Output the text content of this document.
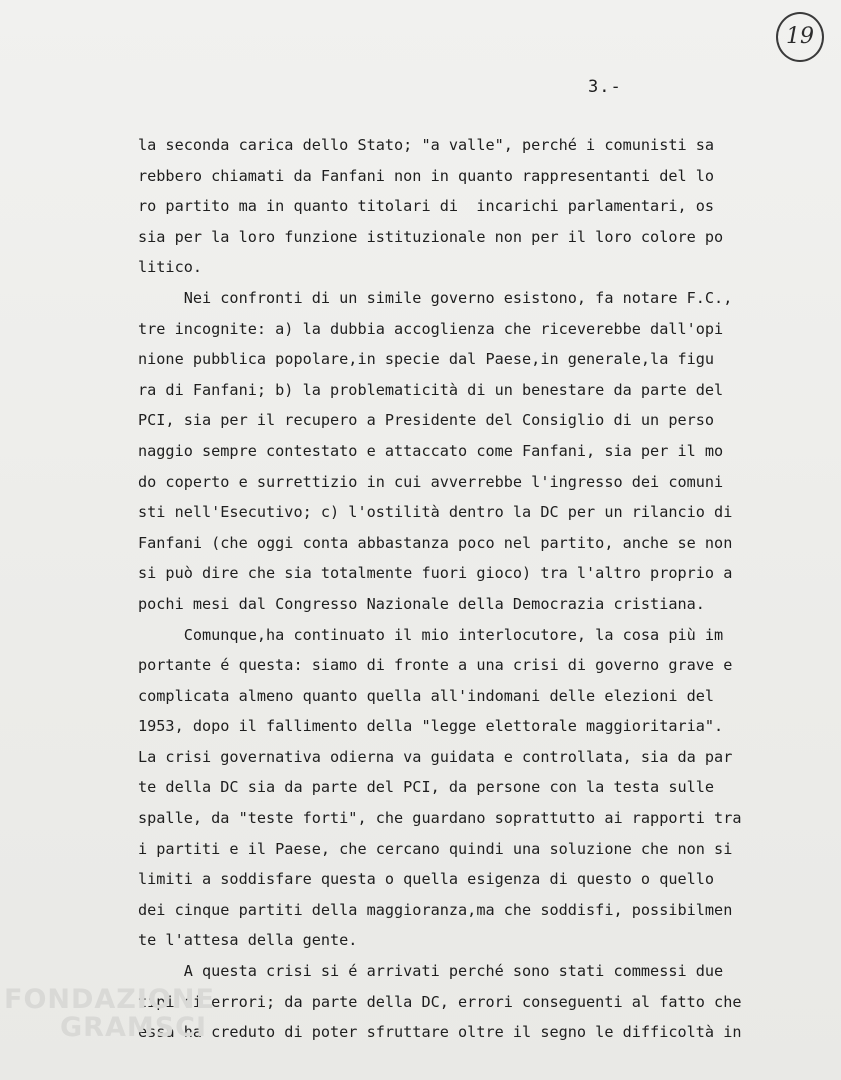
19
3.-
la seconda carica dello Stato; "a valle", perché i comunisti sa
rebbero chiamati da Fanfani non in quanto rappresentanti del lo
ro partito ma in quanto titolari di  incarichi parlamentari, os
sia per la loro funzione istituzionale non per il loro colore po
litico.
Nei confronti di un simile governo esistono, fa notare F.C.,
tre incognite: a) la dubbia accoglienza che riceverebbe dall'opi
nione pubblica popolare,in specie dal Paese,in generale,la figu
ra di Fanfani; b) la problematicità di un benestare da parte del
PCI, sia per il recupero a Presidente del Consiglio di un perso
naggio sempre contestato e attaccato come Fanfani, sia per il mo
do coperto e surrettizio in cui avverrebbe l'ingresso dei comuni
sti nell'Esecutivo; c) l'ostilità dentro la DC per un rilancio di
Fanfani (che oggi conta abbastanza poco nel partito, anche se non
si può dire che sia totalmente fuori gioco) tra l'altro proprio a
pochi mesi dal Congresso Nazionale della Democrazia cristiana.
Comunque,ha continuato il mio interlocutore, la cosa più im
portante é questa: siamo di fronte a una crisi di governo grave e
complicata almeno quanto quella all'indomani delle elezioni del
1953, dopo il fallimento della "legge elettorale maggioritaria".
La crisi governativa odierna va guidata e controllata, sia da par
te della DC sia da parte del PCI, da persone con la testa sulle
spalle, da "teste forti", che guardano soprattutto ai rapporti tra
i partiti e il Paese, che cercano quindi una soluzione che non si
limiti a soddisfare questa o quella esigenza di questo o quello
dei cinque partiti della maggioranza,ma che soddisfi, possibilmen
te l'attesa della gente.
A questa crisi si é arrivati perché sono stati commessi due
tipi di errori; da parte della DC, errori conseguenti al fatto che
essa ha creduto di poter sfruttare oltre il segno le difficoltà in
FONDAZIONE
GRAMSCI
